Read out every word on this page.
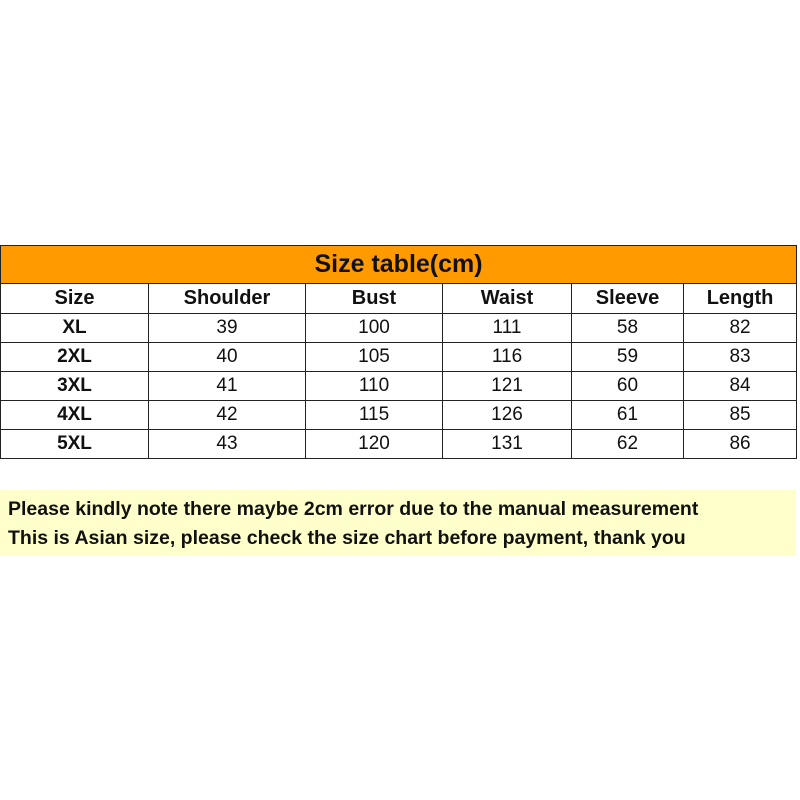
Size table(cm)					
Size	Shoulder	Bust	Waist	Sleeve	Length
XL	39	100	111	58	82
2XL	40	105	116	59	83
3XL	41	110	121	60	84
4XL	42	115	126	61	85
5XL	43	120	131	62	86
Please kindly note there maybe 2cm error due to the manual measurement
This is Asian size, please check the size chart before payment, thank you
